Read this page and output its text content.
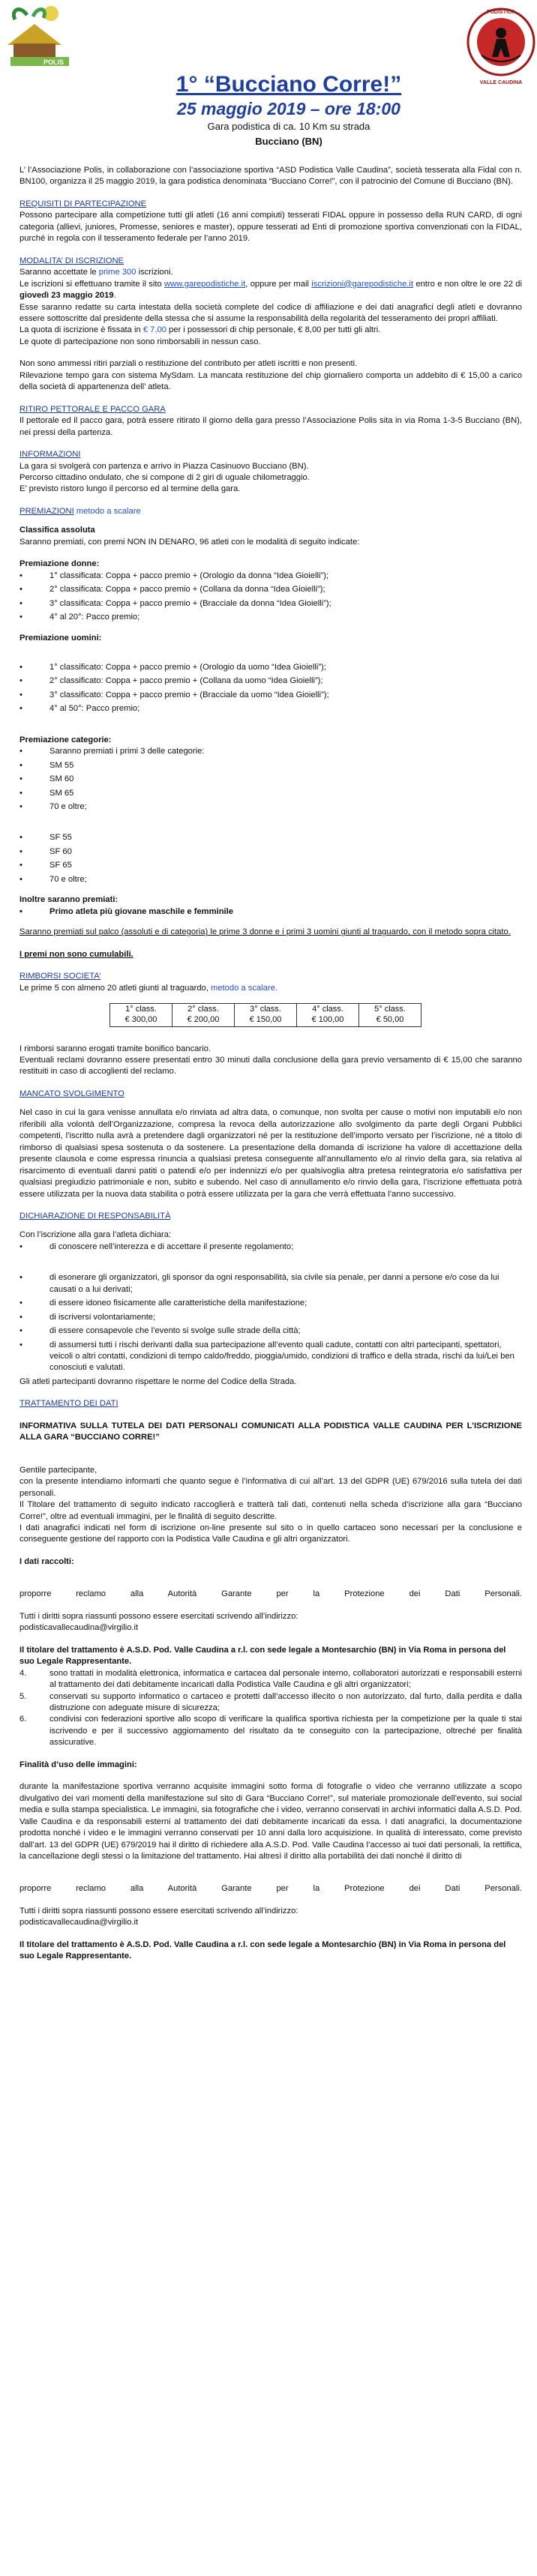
POLIS
PODISTICA
VALLE CAUDINA
1° “Bucciano Corre!”
25 maggio 2019 – ore 18:00
Gara podistica di ca. 10 Km su strada
Bucciano (BN)

L’ l’Associazione Polis, in collaborazione con l’associazione sportiva “ASD Podistica Valle Caudina”, società tesserata alla Fidal con n. BN100, organizza il 25 maggio 2019, la gara podistica denominata “Bucciano Corre!”, con il patrocinio del Comune di Bucciano (BN).

REQUISITI DI PARTECIPAZIONE

Possono partecipare alla competizione tutti gli atleti (16 anni compiuti) tesserati FIDAL oppure in possesso della RUN CARD, di ogni categoria (allievi, juniores, Promesse, seniores e master), oppure tesserati ad Enti di promozione sportiva convenzionati con la FIDAL, purché in regola con il tesseramento federale per l’anno 2019.

MODALITA’ DI ISCRIZIONE
Saranno accettate le prime 300 iscrizioni.
Le iscrizioni si effettuano tramite il sito www.garepodistiche.it, oppure per mail iscrizioni@garepodistiche.it entro e non oltre le ore 22 di giovedì 23 maggio 2019.
Esse saranno redatte su carta intestata della società complete del codice di affiliazione e dei dati anagrafici degli atleti e dovranno essere sottoscritte dal presidente della stessa che si assume la responsabilità della regolarità del tesseramento dei propri affiliati.
La quota di iscrizione è fissata in € 7,00 per i possessori di chip personale, € 8,00 per tutti gli altri.

Le quote di partecipazione non sono rimborsabili in nessun caso.

Non sono ammessi ritiri parziali o restituzione del contributo per atleti iscritti e non presenti.

Rilevazione tempo gara con sistema MySdam. La mancata restituzione del chip giornaliero comporta un addebito di € 15,00 a carico della società di appartenenza dell’ atleta.

RITIRO PETTORALE E PACCO GARA

Il pettorale ed il pacco gara, potrà essere ritirato il giorno della gara presso l’Associazione Polis sita in via Roma 1-3-5 Bucciano (BN), nei pressi della partenza.

INFORMAZIONI
La gara si svolgerà con partenza e arrivo in Piazza Casinuovo Bucciano (BN).
Percorso cittadino ondulato, che si compone di 2 giri di uguale chilometraggio.

E’ previsto ristoro lungo il percorso ed al termine della gara.

PREMIAZIONI metodo a scalare
Classifica assoluta

Saranno premiati, con premi NON IN DENARO, 96 atleti con le modalità di seguito indicate:

Premiazione donne:
• 1° classificata: Coppa + pacco premio + (Orologio da donna “Idea Gioielli”);
• 2° classificata: Coppa + pacco premio + (Collana da donna “Idea Gioielli”);
• 3° classificata: Coppa + pacco premio + (Bracciale da donna “Idea Gioielli”);
• 4° al 20°: Pacco premio;
Premiazione uomini:
• 1° classificato: Coppa + pacco premio + (Orologio da uomo “Idea Gioielli”);
• 2° classificato: Coppa + pacco premio + (Collana da uomo “Idea Gioielli”);
• 3° classificato: Coppa + pacco premio + (Bracciale da uomo “Idea Gioielli”);
• 4° al 50°: Pacco premio;
Premiazione categorie:
• Saranno premiati i primi 3 delle categorie:
• SM 55
• SM 60
• SM 65
• 70 e oltre;
• SF 55
• SF 60
• SF 65
• 70 e oltre;
Inoltre saranno premiati:
• Primo atleta più giovane maschile e femminile

Saranno premiati sul palco (assoluti e di categoria) le prime 3 donne e i primi 3 uomini giunti al traguardo, con il metodo sopra citato.

I premi non sono cumulabili.

RIMBORSI SOCIETA’
Le prime 5 con almeno 20 atleti giunti al traguardo, metodo a scalare.
1° class.
€ 300,00

2° class.
€ 200,00

3° class.
€ 150,00

4° class.
€ 100,00

5° class.
€ 50,00
I rimborsi saranno erogati tramite bonifico bancario.

Eventuali reclami dovranno essere presentati entro 30 minuti dalla conclusione della gara previo versamento di € 15,00 che saranno restituiti in caso di accoglienti del reclamo.

MANCATO SVOLGIMENTO

Nel caso in cui la gara venisse annullata e/o rinviata ad altra data, o comunque, non svolta per cause o motivi non imputabili e/o non riferibili alla volontà dell’Organizzazione, compresa la revoca della autorizzazione allo svolgimento da parte degli Organi Pubblici competenti, l’iscritto nulla avrà a pretendere dagli organizzatori né per la restituzione dell’importo versato per l’iscrizione, né a titolo di rimborso di qualsiasi spesa sostenuta o da sostenere. La presentazione della domanda di iscrizione ha valore di accettazione della presente clausola e come espressa rinuncia a qualsiasi pretesa conseguente all’annullamento e/o al rinvio della gara, sia relativa al risarcimento di eventuali danni patiti o patendi e/o per indennizzi e/o per qualsivoglia altra pretesa reintegratoria e/o satisfattiva per qualsiasi pregiudizio patrimoniale e non, subito e subendo. Nel caso di annullamento e/o rinvio della gara, l’iscrizione effettuata potrà essere utilizzata per la nuova data stabilita o potrà essere utilizzata per la gara che verrà effettuata l’anno successivo.

DICHIARAZIONE DI RESPONSABILITÀ
Con l’iscrizione alla gara l’atleta dichiara:
• di conoscere nell’interezza e di accettare il presente regolamento;
• di esonerare gli organizzatori, gli sponsor da ogni responsabilità, sia civile sia penale, per danni a persone e/o cose da lui causati o a lui derivati;
• di essere idoneo fisicamente alle caratteristiche della manifestazione;
• di iscriversi volontariamente;
• di essere consapevole che l’evento si svolge sulle strade della città;
• di assumersi tutti i rischi derivanti dalla sua partecipazione all’evento quali cadute, contatti con altri partecipanti, spettatori, veicoli o altri contatti, condizioni di tempo caldo/freddo, pioggia/umido, condizioni di traffico e della strada, rischi da lui/Lei ben conosciuti e valutati.

Gli atleti partecipanti dovranno rispettare le norme del Codice della Strada.

TRATTAMENTO DEI DATI

INFORMATIVA SULLA TUTELA DEI DATI PERSONALI COMUNICATI ALLA PODISTICA VALLE CAUDINA PER L’ISCRIZIONE ALLA GARA “BUCCIANO CORRE!”

Gentile partecipante,
con la presente intendiamo informarti che quanto segue è l’informativa di cui all’art. 13 del GDPR (UE) 679/2016 sulla tutela dei dati personali.
Il Titolare del trattamento di seguito indicato raccoglierà e tratterà tali dati, contenuti nella scheda d’iscrizione alla gara “Bucciano Corre!”, oltre ad eventuali immagini, per le finalità di seguito descritte.

I dati anagrafici indicati nel form di iscrizione on-line presente sul sito o in quello cartaceo sono necessari per la conclusione e conseguente gestione del rapporto con la Podistica Valle Caudina e gli altri organizzatori.

I dati raccolti:

proporre reclamo alla Autorità Garante per la Protezione dei Dati Personali.

Tutti i diritti sopra riassunti possono essere esercitati scrivendo all’indirizzo:

podisticavallecaudina@virgilio.it

Il titolare del trattamento è A.S.D. Pod. Valle Caudina a r.l. con sede legale a Montesarchio (BN) in Via Roma in persona del suo Legale Rappresentante.
4.	sono trattati in modalità elettronica, informatica e cartacea dal personale interno, collaboratori autorizzati e responsabili esterni al trattamento dei dati debitamente incaricati dalla Podistica Valle Caudina e gli altri organizzatori;
5.	conservati su supporto informatico o cartaceo e protetti dall’accesso illecito o non autorizzato, dal furto, dalla perdita e dalla distruzione con adeguate misure di sicurezza;
6.	condivisi con federazioni sportive allo scopo di verificare la qualifica sportiva richiesta per la competizione per la quale ti stai iscrivendo e per il successivo aggiornamento del risultato da te conseguito con la partecipazione, oltreché per finalità assicurative.

Finalità d’uso delle immagini:

durante la manifestazione sportiva verranno acquisite immagini sotto forma di fotografie o video che verranno utilizzate a scopo divulgativo dei vari momenti della manifestazione sul sito di Gara “Bucciano Corre!”, sul materiale promozionale dell’evento, sui social media e sulla stampa specialistica. Le immagini, sia fotografiche che i video, verranno conservati in archivi informatici dalla A.S.D. Pod. Valle Caudina e da responsabili esterni al trattamento dei dati debitamente incaricati da essa. I dati anagrafici, la documentazione prodotta nonché i video e le immagini verranno conservati per 10 anni dalla loro acquisizione. In qualità di interessato, come previsto dall’art. 13 del GDPR (UE) 679/2019 hai il diritto di richiedere alla A.S.D. Pod. Valle Caudina l’accesso ai tuoi dati personali, la rettifica, la cancellazione degli stessi o la limitazione del trattamento. Hai altresì il diritto alla portabilità dei dati nonché il diritto di

proporre reclamo alla Autorità Garante per la Protezione dei Dati Personali.

Tutti i diritti sopra riassunti possono essere esercitati scrivendo all’indirizzo:

podisticavallecaudina@virgilio.it

Il titolare del trattamento è A.S.D. Pod. Valle Caudina a r.l. con sede legale a Montesarchio (BN) in Via Roma in persona del suo Legale Rappresentante.
